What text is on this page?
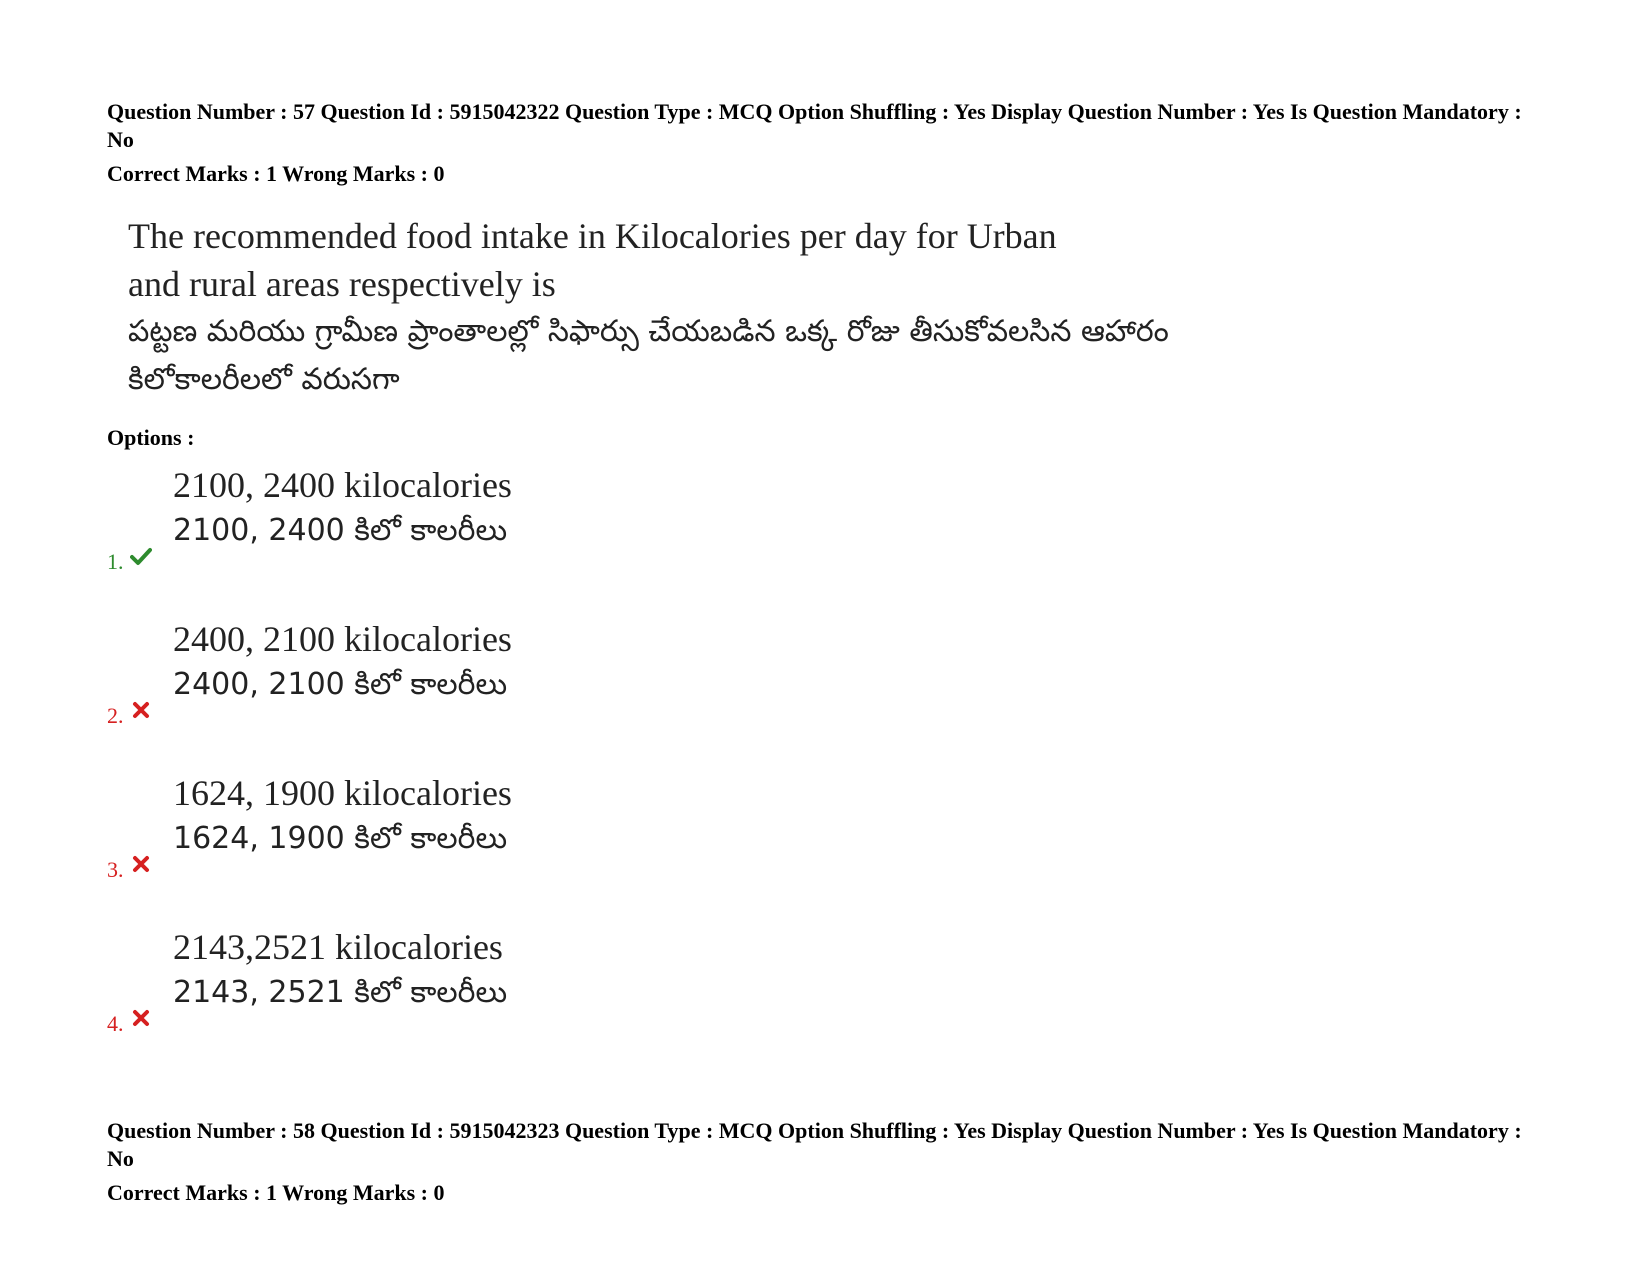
Question Number : 57 Question Id : 5915042322 Question Type : MCQ Option Shuffling : Yes Display Question Number : Yes Is Question Mandatory : No

Correct Marks : 1 Wrong Marks : 0

The recommended food intake in Kilocalories per day for Urban
and rural areas respectively is
పట్టణ మరియు గ్రామీణ ప్రాంతాలల్లో సిఫార్సు చేయబడిన ఒక్క రోజు తీసుకోవలసిన ఆహారం
కిలోకాలరీలలో వరుసగా
Options :
2100, 2400 kilocalories
2100, 2400 కిలో కాలరీలు
1.
2400, 2100 kilocalories
2400, 2100 కిలో కాలరీలు
2.
1624, 1900 kilocalories
1624, 1900 కిలో కాలరీలు
3.
2143,2521 kilocalories
2143, 2521 కిలో కాలరీలు
4.

Question Number : 58 Question Id : 5915042323 Question Type : MCQ Option Shuffling : Yes Display Question Number : Yes Is Question Mandatory : No

Correct Marks : 1 Wrong Marks : 0
